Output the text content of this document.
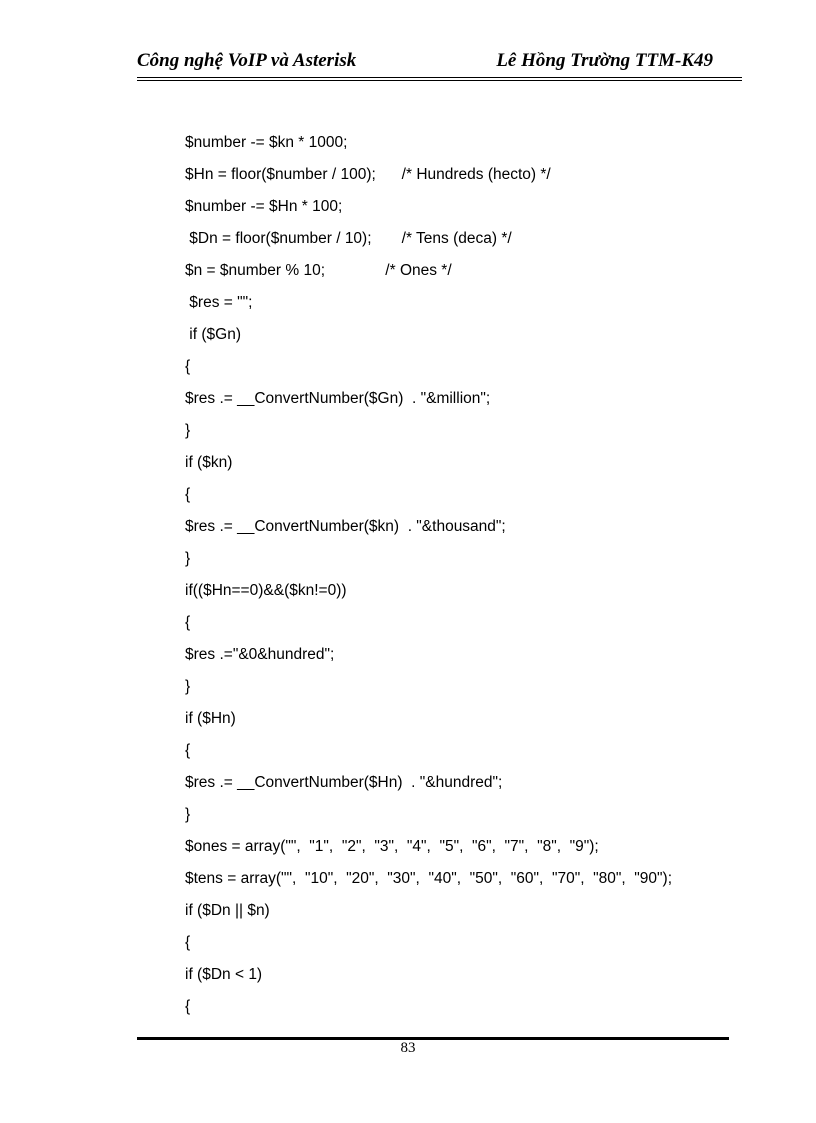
Công nghệ VoIP và Asterisk	Lê Hồng Trường TTM-K49
$number -= $kn * 1000;
$Hn = floor($number / 100);      /* Hundreds (hecto) */
$number -= $Hn * 100;
$Dn = floor($number / 10);       /* Tens (deca) */
$n = $number % 10;              /* Ones */
$res = "";
if ($Gn)
{
$res .= __ConvertNumber($Gn)  . "&million";
}
if ($kn)
{
$res .= __ConvertNumber($kn)  . "&thousand";
}
if(($Hn==0)&&($kn!=0))
{
$res .="&0&hundred";
}
if ($Hn)
{
$res .= __ConvertNumber($Hn)  . "&hundred";
}
$ones = array("",  "1",  "2",  "3",  "4",  "5",  "6",  "7",  "8",  "9");
$tens = array("",  "10",  "20",  "30",  "40",  "50",  "60",  "70",  "80",  "90");
if ($Dn || $n)
{
if ($Dn < 1)
{
83
